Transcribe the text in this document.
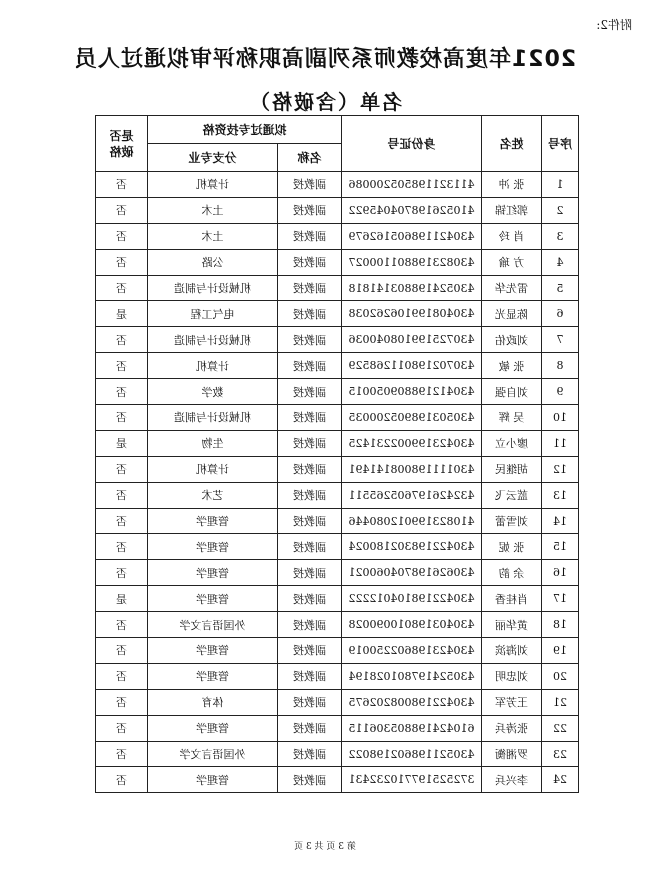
附件2:
2021年度高校教师系列副高职称评审拟通过人员
名单（含破格）
序号	姓名	身份证号	拟通过专技资格		是否破格
			名称	分支专业	
1	张 冲	411321198505200086	副教授	计算机	否
2	郭红锦	410526198704045922	副教授	土木	否
3	肖 玲	430421198605162679	副教授	土木	否
4	方 瑜	430823198801100027	副教授	公路	否
5	雷先华	430524198803141818	副教授	机械设计与制造	否
6	陈显光	430408199106262038	副教授	电气工程	是
7	刘政佑	430725199108040036	副教授	机械设计与制造	否
8	张 敏	430702198011268529	副教授	计算机	否
9	刘自强	430412198809050015	副教授	数学	否
10	吴 辉	430503198905200035	副教授	机械设计与制造	否
11	廖小立	430423199002231425	副教授	生物	是
12	胡继民	430111198008141491	副教授	计算机	否
13	蓝云飞	432426197605265511	副教授	艺术	否
14	刘雪蕾	410823199012080446	副教授	管理学	否
15	张 妮	430422198302180024	副教授	管理学	否
16	余 韵	430626198704060021	副教授	管理学	否
17	肖桂香	430422198104012222	副教授	管理学	是
18	黄华丽	430403198010090028	副教授	外国语言文学	否
19	刘海滨	430423198602250019	副教授	管理学	否
20	刘忠明	430524197801028194	副教授	管理学	否
21	王芳军	430422198008202675	副教授	体育	否
22	张涛兵	610424198805306115	副教授	管理学	否
23	罗湘衡	430521198602198022	副教授	外国语言文学	否
24	李兴兵	372525197710232431	副教授	管理学	否
第 3 页 共 3 页
